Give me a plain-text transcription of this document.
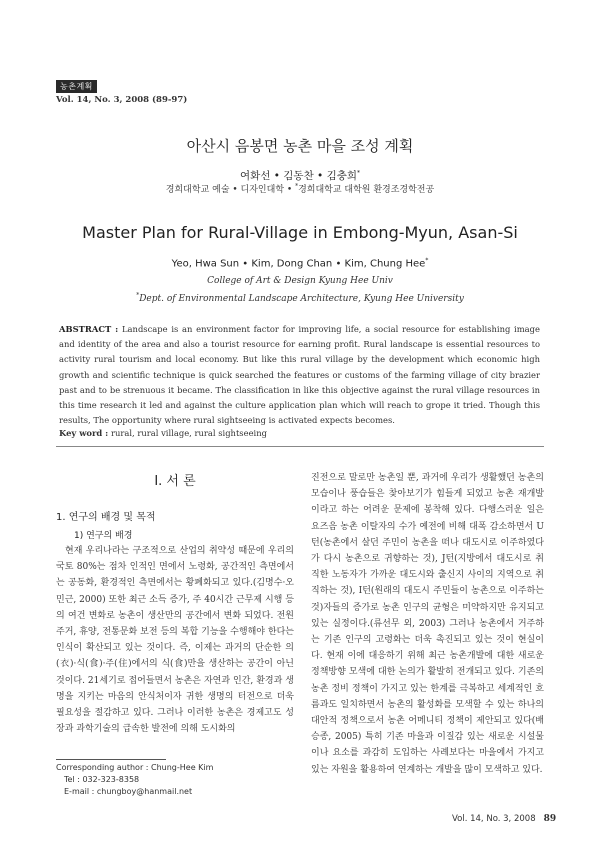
농촌계획
Vol. 14, No. 3, 2008 (89-97)
아산시 음봉면 농촌 마을 조성 계획
여화선 • 김동찬 • 김충희*
경희대학교 예술 • 디자인대학 • *경희대학교 대학원 환경조경학전공
Master Plan for Rural-Village in Embong-Myun, Asan-Si
Yeo, Hwa Sun • Kim, Dong Chan • Kim, Chung Hee*
College of Art & Design Kyung Hee Univ
*Dept. of Environmental Landscape Architecture, Kyung Hee University
ABSTRACT : Landscape is an environment factor for improving life, a social resource for establishing image and identity of the area and also a tourist resource for earning profit. Rural landscape is essential resources to activity rural tourism and local economy. But like this rural village by the development which economic high growth and scientific technique is quick searched the features or customs of the farming village of city brazier past and to be strenuous it became. The classification in like this objective against the rural village resources in this time research it led and against the culture application plan which will reach to grope it tried. Though this results, The opportunity where rural sightseeing is activated expects becomes.
Key word : rural, rural village, rural sightseeing
I. 서 론
1. 연구의 배경 및 목적
1) 연구의 배경

현재 우리나라는 구조적으로 산업의 취약성 때문에 우리의 국토 80%는 점차 인적인 면에서 노령화, 공간적인 측면에서는 공동화, 환경적인 측면에서는 황폐화되고 있다.(김명수·오민근, 2000) 또한 최근 소득 증가, 주 40시간 근무제 시행 등의 여건 변화로 농촌이 생산만의 공간에서 변화 되었다. 전원주거, 휴양, 전통문화 보전 등의 복합 기능을 수행해야 한다는 인식이 확산되고 있는 것이다. 즉, 이제는 과거의 단순한 의(衣)·식(食)·주(住)에서의 식(食)만을 생산하는 공간이 아닌 것이다. 21세기로 접어들면서 농촌은 자연과 인간, 환경과 생명을 지키는 마음의 안식처이자 귀한 생명의 터전으로 더욱 필요성을 절감하고 있다. 그러나 이러한 농촌은 경제고도 성장과 과학기술의 급속한 발전에 의해 도시화의

진전으로 말로만 농촌일 뿐, 과거에 우리가 생활했던 농촌의 모습이나 풍습들은 찾아보기가 힘들게 되었고 농촌 재개발이라고 하는 어려운 문제에 봉착해 있다. 다행스러운 일은 요즈음 농촌 이탈자의 수가 예전에 비해 대폭 감소하면서 U턴(농촌에서 살던 주민이 농촌을 떠나 대도시로 이주하였다가 다시 농촌으로 귀향하는 것), J턴(지방에서 대도시로 취직한 노동자가 가까운 대도시와 출신지 사이의 지역으로 취직하는 것), I턴(원래의 대도시 주민들이 농촌으로 이주하는 것)자들의 증가로 농촌 인구의 균형은 미약하지만 유지되고 있는 실정이다.(류선무 외, 2003) 그러나 농촌에서 거주하는 기존 인구의 고령화는 더욱 촉진되고 있는 것이 현실이다. 현재 이에 대응하기 위해 최근 농촌개발에 대한 새로운 정책방향 모색에 대한 논의가 활발히 전개되고 있다. 기존의 농촌 정비 정책이 가지고 있는 한계를 극복하고 세계적인 흐름과도 일치하면서 농촌의 활성화를 모색할 수 있는 하나의 대안적 정책으로서 농촌 어메니티 정책이 제안되고 있다(배승종, 2005) 특히 기존 마을과 이질감 있는 새로운 시설물이나 요소를 과감히 도입하는 사례보다는 마을에서 가지고 있는 자원을 활용하여 연계하는 개발을 많이 모색하고 있다.

Corresponding author : Chung-Hee Kim
Tel : 032-323-8358
E-mail : chungboy@hanmail.net
Vol. 14, No. 3, 2008 89
